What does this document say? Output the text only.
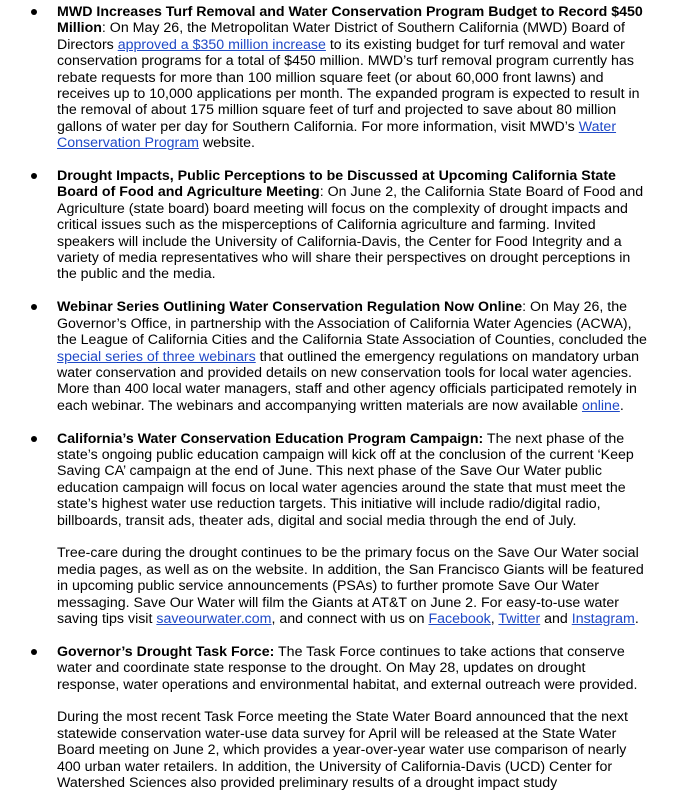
MWD Increases Turf Removal and Water Conservation Program Budget to Record $450 Million: On May 26, the Metropolitan Water District of Southern California (MWD) Board of Directors approved a $350 million increase to its existing budget for turf removal and water conservation programs for a total of $450 million. MWD’s turf removal program currently has rebate requests for more than 100 million square feet (or about 60,000 front lawns) and receives up to 10,000 applications per month. The expanded program is expected to result in the removal of about 175 million square feet of turf and projected to save about 80 million gallons of water per day for Southern California. For more information, visit MWD’s Water Conservation Program website.

Drought Impacts, Public Perceptions to be Discussed at Upcoming California State Board of Food and Agriculture Meeting: On June 2, the California State Board of Food and Agriculture (state board) board meeting will focus on the complexity of drought impacts and critical issues such as the misperceptions of California agriculture and farming. Invited speakers will include the University of California-Davis, the Center for Food Integrity and a variety of media representatives who will share their perspectives on drought perceptions in the public and the media.

Webinar Series Outlining Water Conservation Regulation Now Online: On May 26, the Governor’s Office, in partnership with the Association of California Water Agencies (ACWA), the League of California Cities and the California State Association of Counties, concluded the special series of three webinars that outlined the emergency regulations on mandatory urban water conservation and provided details on new conservation tools for local water agencies. More than 400 local water managers, staff and other agency officials participated remotely in each webinar. The webinars and accompanying written materials are now available online.

California’s Water Conservation Education Program Campaign: The next phase of the state’s ongoing public education campaign will kick off at the conclusion of the current ‘Keep Saving CA’ campaign at the end of June. This next phase of the Save Our Water public education campaign will focus on local water agencies around the state that must meet the state’s highest water use reduction targets. This initiative will include radio/digital radio, billboards, transit ads, theater ads, digital and social media through the end of July.

Tree-care during the drought continues to be the primary focus on the Save Our Water social media pages, as well as on the website. In addition, the San Francisco Giants will be featured in upcoming public service announcements (PSAs) to further promote Save Our Water messaging. Save Our Water will film the Giants at AT&T on June 2. For easy-to-use water saving tips visit saveourwater.com, and connect with us on Facebook, Twitter and Instagram.

Governor’s Drought Task Force: The Task Force continues to take actions that conserve water and coordinate state response to the drought. On May 28, updates on drought response, water operations and environmental habitat, and external outreach were provided.

During the most recent Task Force meeting the State Water Board announced that the next statewide conservation water-use data survey for April will be released at the State Water Board meeting on June 2, which provides a year-over-year water use comparison of nearly 400 urban water retailers. In addition, the University of California-Davis (UCD) Center for Watershed Sciences also provided preliminary results of a drought impact study
